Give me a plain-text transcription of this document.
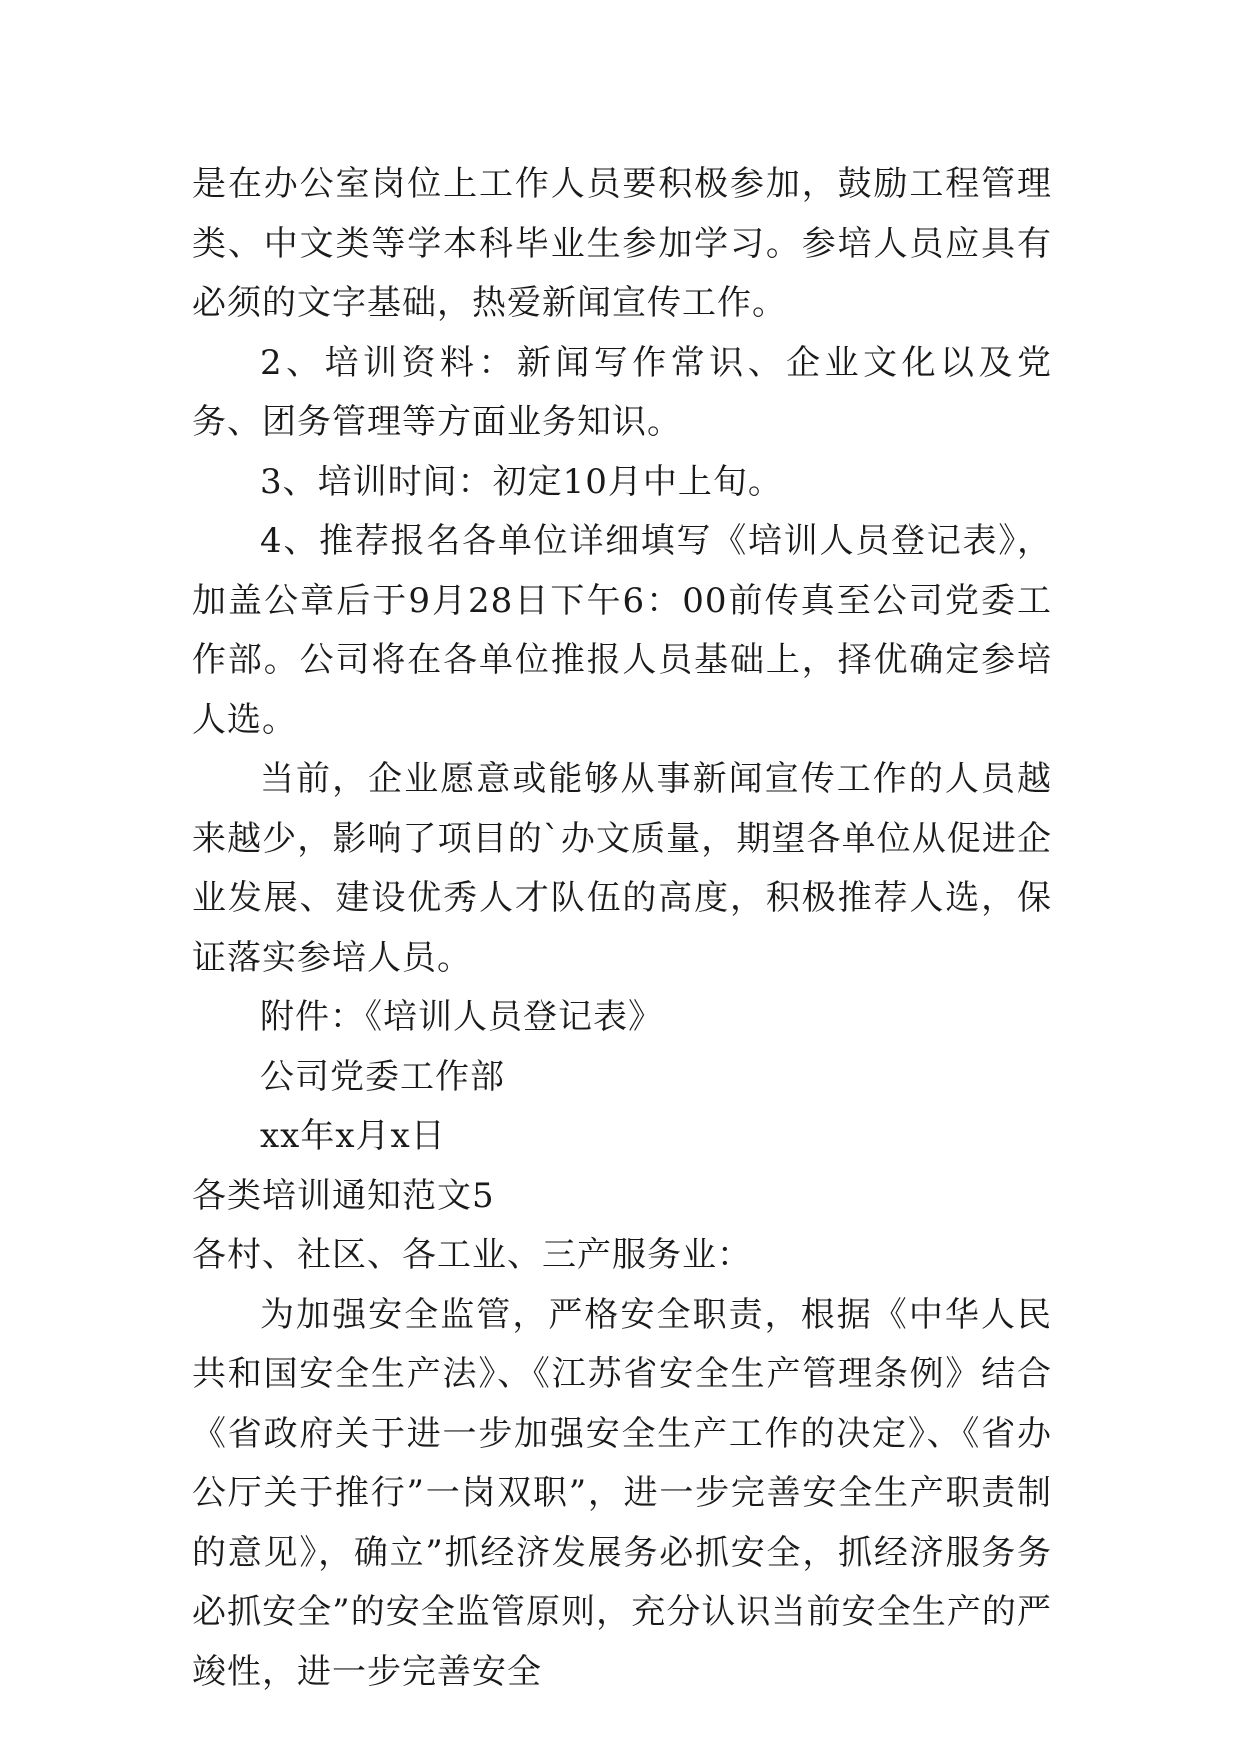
是在办公室岗位上工作人员要积极参加，鼓励工程管理类、中文类等学本科毕业生参加学习。参培人员应具有必须的文字基础，热爱新闻宣传工作。

2、培训资料：新闻写作常识、企业文化以及党务、团务管理等方面业务知识。

3、培训时间：初定10月中上旬。

4、推荐报名各单位详细填写《培训人员登记表》，加盖公章后于9月28日下午6：00前传真至公司党委工作部。公司将在各单位推报人员基础上，择优确定参培人选。

当前，企业愿意或能够从事新闻宣传工作的人员越来越少，影响了项目的`办文质量，期望各单位从促进企业发展、建设优秀人才队伍的高度，积极推荐人选，保证落实参培人员。

附件：《培训人员登记表》

公司党委工作部

xx年x月x日

各类培训通知范文5

各村、社区、各工业、三产服务业：

为加强安全监管，严格安全职责，根据《中华人民共和国安全生产法》、《江苏省安全生产管理条例》结合《省政府关于进一步加强安全生产工作的决定》、《省办公厅关于推行”一岗双职”，进一步完善安全生产职责制的意见》，确立”抓经济发展务必抓安全，抓经济服务务必抓安全”的安全监管原则，充分认识当前安全生产的严竣性，进一步完善安全
